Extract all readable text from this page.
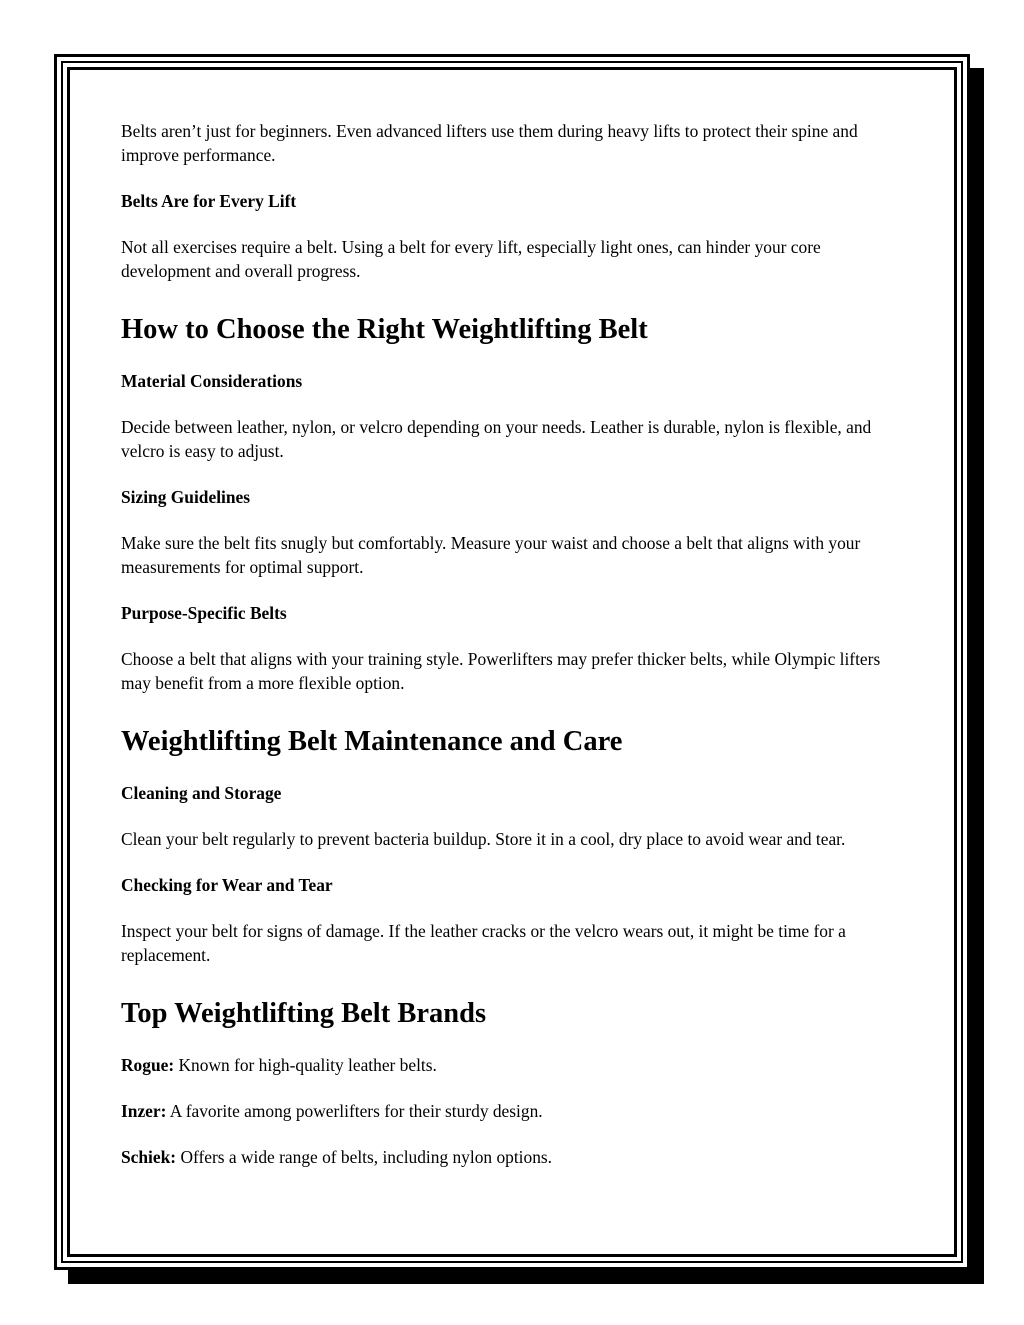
Belts aren’t just for beginners. Even advanced lifters use them during heavy lifts to protect their spine and improve performance.

Belts Are for Every Lift

Not all exercises require a belt. Using a belt for every lift, especially light ones, can hinder your core development and overall progress.

How to Choose the Right Weightlifting Belt

Material Considerations

Decide between leather, nylon, or velcro depending on your needs. Leather is durable, nylon is flexible, and velcro is easy to adjust.

Sizing Guidelines

Make sure the belt fits snugly but comfortably. Measure your waist and choose a belt that aligns with your measurements for optimal support.

Purpose-Specific Belts

Choose a belt that aligns with your training style. Powerlifters may prefer thicker belts, while Olympic lifters may benefit from a more flexible option.

Weightlifting Belt Maintenance and Care

Cleaning and Storage

Clean your belt regularly to prevent bacteria buildup. Store it in a cool, dry place to avoid wear and tear.

Checking for Wear and Tear

Inspect your belt for signs of damage. If the leather cracks or the velcro wears out, it might be time for a replacement.

Top Weightlifting Belt Brands

Rogue: Known for high-quality leather belts.

Inzer: A favorite among powerlifters for their sturdy design.

Schiek: Offers a wide range of belts, including nylon options.
